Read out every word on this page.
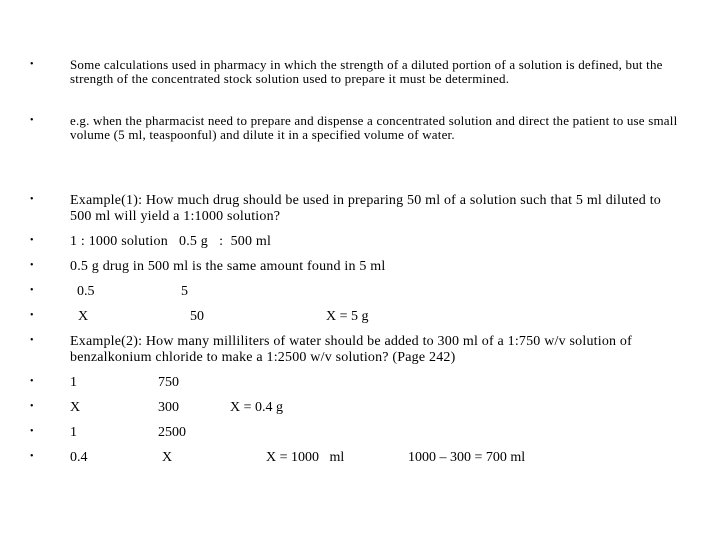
•	Some calculations used in pharmacy in which the strength of a diluted portion of a solution is defined, but the strength of the concentrated stock solution used to prepare it must be determined.
•	e.g. when the pharmacist need to prepare and dispense a concentrated solution and direct the patient to use small volume (5 ml, teaspoonful) and dilute it in a specified volume of water.
•	Example(1): How much drug should be used in preparing 50 ml of a solution such that 5 ml diluted to 500 ml will yield a 1:1000 solution?
•	1 : 1000 solution   0.5 g   :  500 ml
•	0.5 g drug in 500 ml is the same amount found in 5 ml
•	0.5	5
•	X	50	X = 5 g
•	Example(2): How many milliliters of water should be added to 300 ml of a 1:750 w/v solution of benzalkonium chloride to make a 1:2500 w/v solution? (Page 242)
•	1	750
•	X	300	X = 0.4 g
•	1	2500
•	0.4	X	X = 1000   ml	1000 – 300 = 700 ml
